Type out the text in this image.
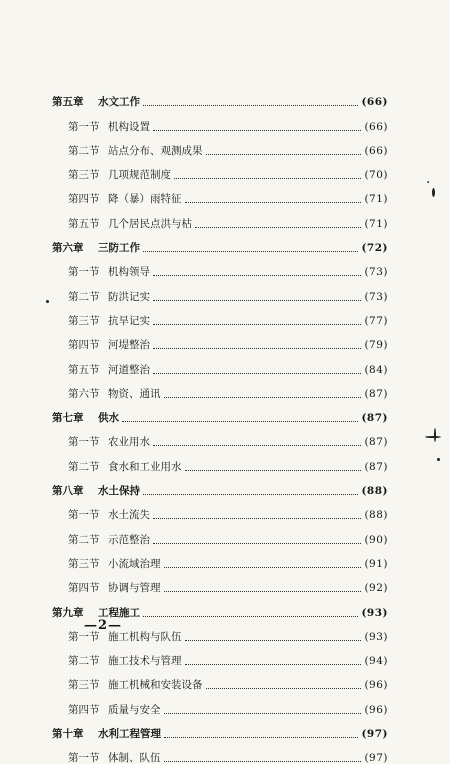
第五章	水文工作	(66)
第一节 机构设置	(66)
第二节 站点分布、观测成果	(66)
第三节 几项规范制度	(70)
第四节 降（暴）雨特征	(71)
第五节 几个居民点洪与枯	(71)
第六章	三防工作	(72)
第一节 机构领导	(73)
第二节 防洪记实	(73)
第三节 抗旱记实	(77)
第四节 河堤整治	(79)
第五节 河道整治	(84)
第六节 物资、通讯	(87)
第七章	供水	(87)
第一节 农业用水	(87)
第二节 食水和工业用水	(87)
第八章	水土保持	(88)
第一节 水土流失	(88)
第二节 示范整治	(90)
第三节 小流域治理	(91)
第四节 协调与管理	(92)
第九章	工程施工	(93)
第一节 施工机构与队伍	(93)
第二节 施工技术与管理	(94)
第三节 施工机械和安装设备	(96)
第四节 质量与安全	(96)
第十章	水利工程管理	(97)
第一节 体制、队伍	(97)
—2—
·
